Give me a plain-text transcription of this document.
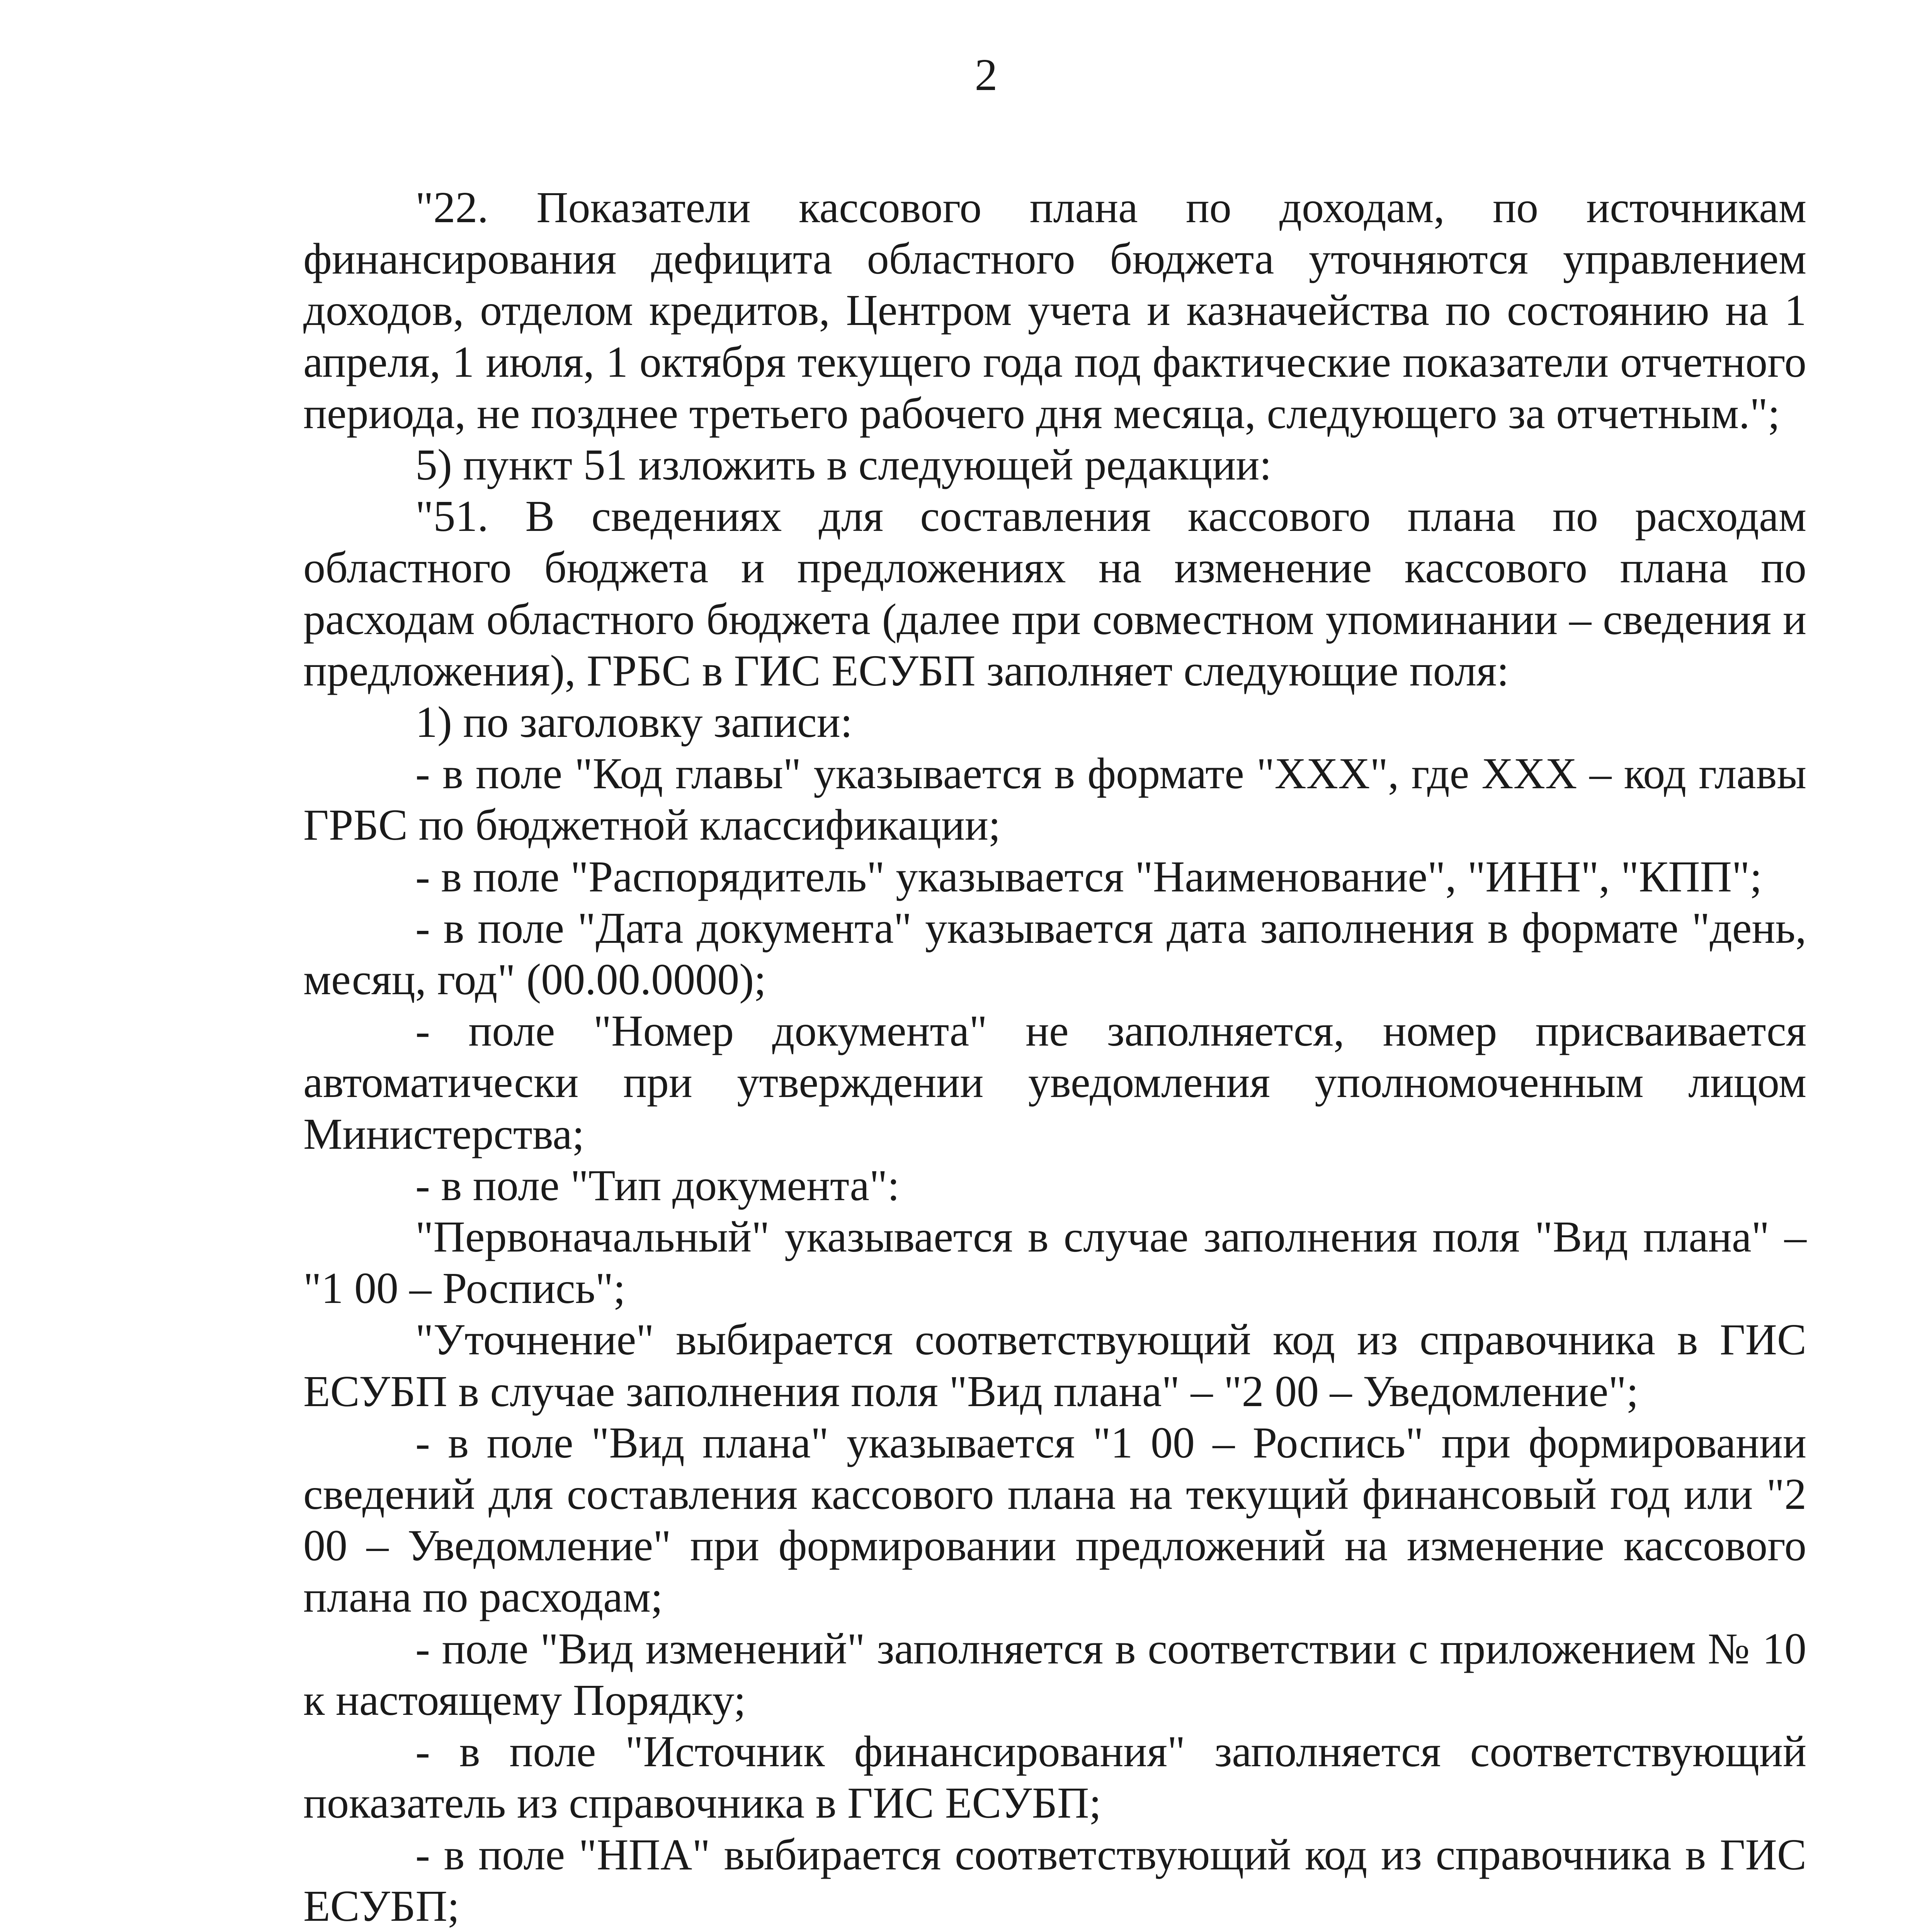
2

"22. Показатели кассового плана по доходам, по источникам финансирования дефицита областного бюджета уточняются управлением доходов, отделом кредитов, Центром учета и казначейства по состоянию на 1 апреля, 1 июля, 1 октября текущего года под фактические показатели отчетного периода, не позднее третьего рабочего дня месяца, следующего за отчетным.";

5) пункт 51 изложить в следующей редакции:

"51. В сведениях для составления кассового плана по расходам областного бюджета и предложениях на изменение кассового плана по расходам областного бюджета (далее при совместном упоминании – сведения и предложения), ГРБС в ГИС ЕСУБП заполняет следующие поля:

1) по заголовку записи:

- в поле "Код главы" указывается в формате "XXX", где XXX – код главы ГРБС по бюджетной классификации;

- в поле "Распорядитель" указывается "Наименование", "ИНН", "КПП";

- в поле "Дата документа" указывается дата заполнения в формате "день, месяц, год" (00.00.0000);

- поле "Номер документа" не заполняется, номер присваивается автоматически при утверждении уведомления уполномоченным лицом Министерства;

- в поле "Тип документа":

"Первоначальный" указывается в случае заполнения поля "Вид плана" – "1 00 – Роспись";

"Уточнение" выбирается соответствующий код из справочника в ГИС ЕСУБП в случае заполнения поля "Вид плана" – "2 00 – Уведомление";

- в поле "Вид плана" указывается "1 00 – Роспись" при формировании сведений для составления кассового плана на текущий финансовый год или "2 00 – Уведомление" при формировании предложений на изменение кассового плана по расходам;

- поле "Вид изменений" заполняется в соответствии с приложением № 10 к настоящему Порядку;

- в поле "Источник финансирования" заполняется соответствующий показатель из справочника в ГИС ЕСУБП;

- в поле "НПА" выбирается соответствующий код из справочника в ГИС ЕСУБП;
